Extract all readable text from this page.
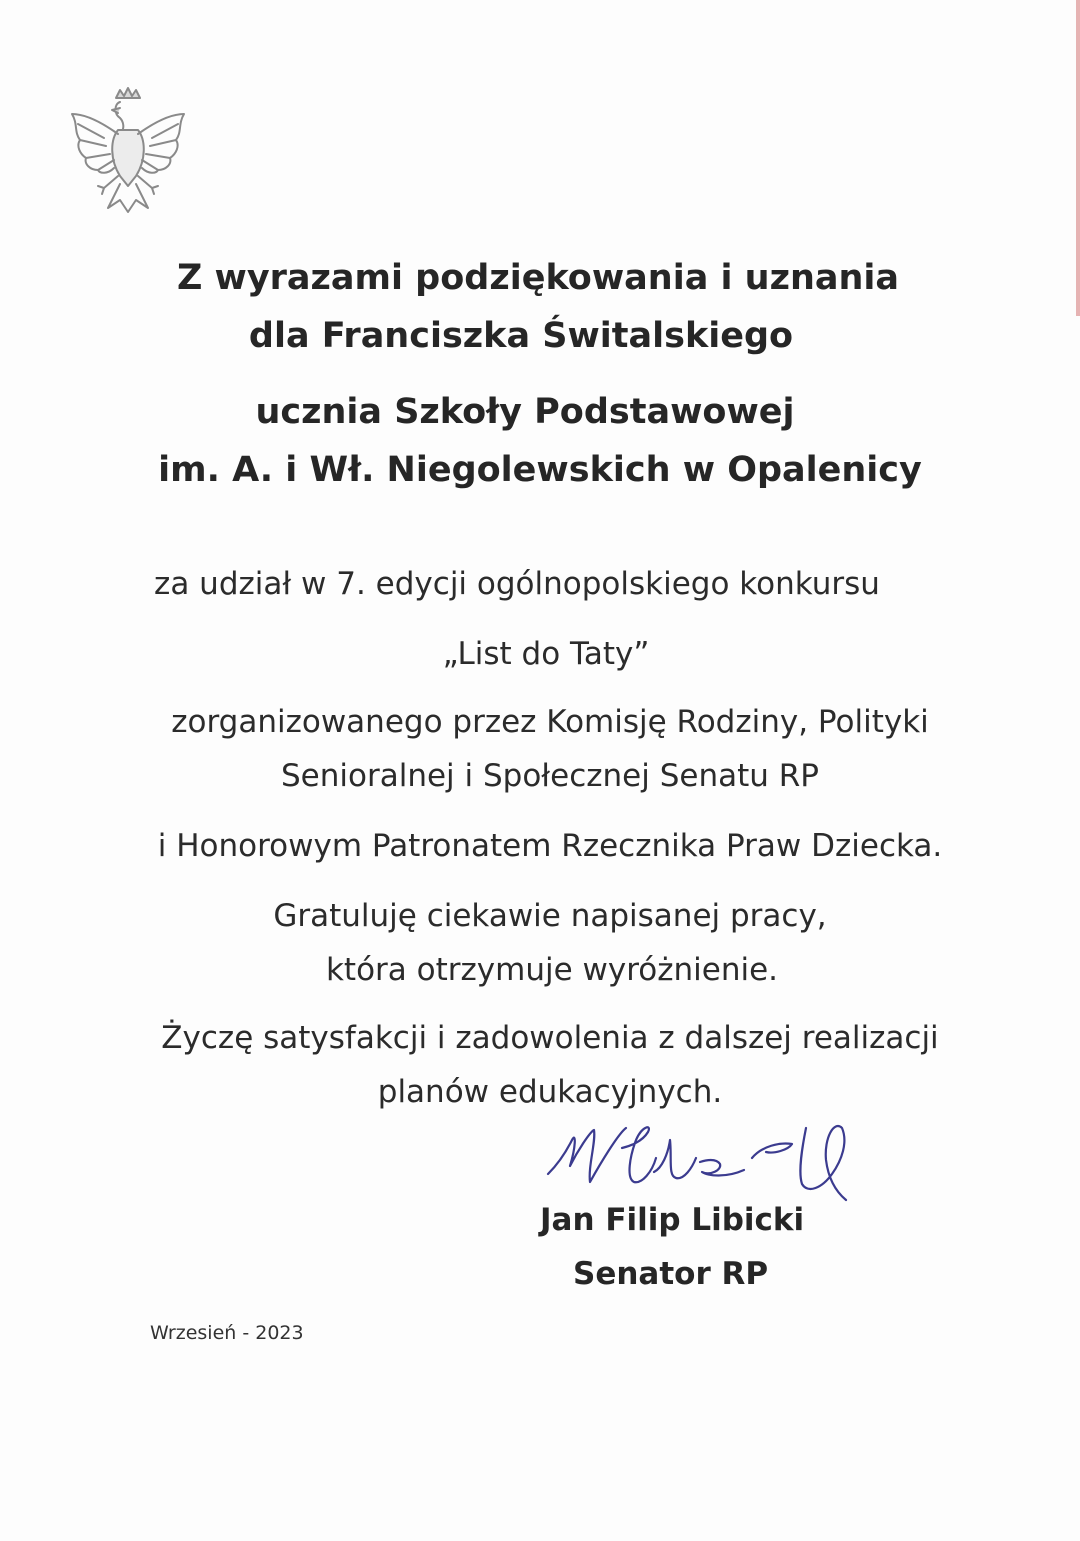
Z wyrazami podziękowania i uznania
dla Franciszka Świtalskiego
ucznia Szkoły Podstawowej
im. A. i Wł. Niegolewskich w Opalenicy
za udział w 7. edycji ogólnopolskiego konkursu
„List do Taty”
zorganizowanego przez Komisję Rodziny, Polityki
Senioralnej i Społecznej Senatu RP
i Honorowym Patronatem Rzecznika Praw Dziecka.
Gratuluję ciekawie napisanej pracy,
która otrzymuje wyróżnienie.
Życzę satysfakcji i zadowolenia z dalszej realizacji
planów edukacyjnych.
Jan Filip Libicki
Senator RP
Wrzesień - 2023
